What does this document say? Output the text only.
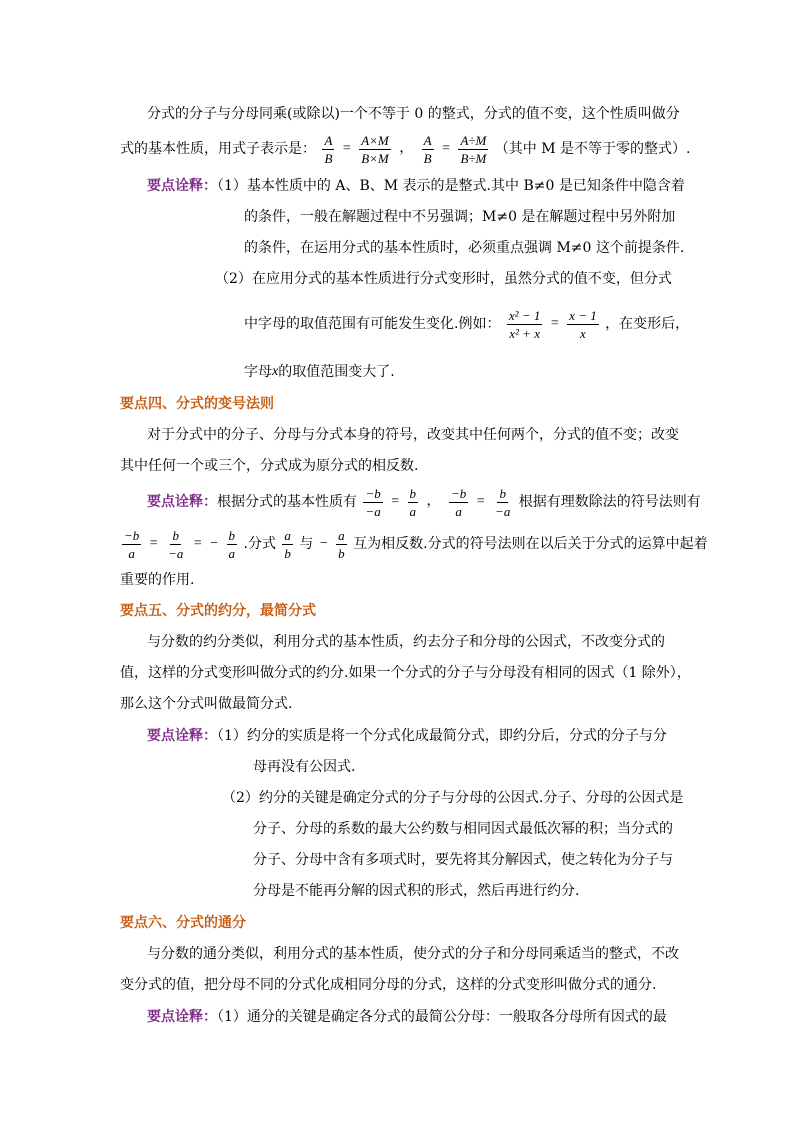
分式的分子与分母同乘(或除以)一个不等于 0 的整式，分式的值不变，这个性质叫做分
式的基本性质，用式子表示是： $\frac{A}{B} = \frac{A\times M}{B\times M}$ ， $\frac{A}{B} = \frac{A\div M}{B\div M}$ （其中 M 是不等于零的整式）.
要点诠释：（1）基本性质中的 A、B、M 表示的是整式.其中 B≠0 是已知条件中隐含着
的条件，一般在解题过程中不另强调；M≠0 是在解题过程中另外附加
的条件，在运用分式的基本性质时，必须重点强调 M≠0 这个前提条件.
（2）在应用分式的基本性质进行分式变形时，虽然分式的值不变，但分式
中字母的取值范围有可能发生变化.例如： $\frac{\text{x² − 1}}{\text{x² + x}} = \frac{x - 1}{x}$ ，在变形后，
字母x的取值范围变大了.
要点四、分式的变号法则
对于分式中的分子、分母与分式本身的符号，改变其中任何两个，分式的值不变；改变
其中任何一个或三个，分式成为原分式的相反数.
要点诠释：根据分式的基本性质有 $\frac{-b}{-a} = \frac{b}{a}$ ， $\frac{-b}{a} = \frac{b}{-a}$ 根据有理数除法的符号法则有
$\frac{-b}{a} = \frac{b}{-a}$ = − $\frac{b}{a}$ .分式 $\frac{a}{b}$ 与 − $\frac{a}{b}$ 互为相反数.分式的符号法则在以后关于分式的运算中起着
重要的作用.
要点五、分式的约分，最简分式
与分数的约分类似，利用分式的基本性质，约去分子和分母的公因式，不改变分式的
值，这样的分式变形叫做分式的约分.如果一个分式的分子与分母没有相同的因式（1 除外），
那么这个分式叫做最简分式.
要点诠释：（1）约分的实质是将一个分式化成最简分式，即约分后，分式的分子与分
母再没有公因式.
（2）约分的关键是确定分式的分子与分母的公因式.分子、分母的公因式是
分子、分母的系数的最大公约数与相同因式最低次幂的积；当分式的
分子、分母中含有多项式时，要先将其分解因式，使之转化为分子与
分母是不能再分解的因式积的形式，然后再进行约分.
要点六、分式的通分
与分数的通分类似，利用分式的基本性质，使分式的分子和分母同乘适当的整式，不改
变分式的值，把分母不同的分式化成相同分母的分式，这样的分式变形叫做分式的通分.
要点诠释：（1）通分的关键是确定各分式的最简公分母：一般取各分母所有因式的最
